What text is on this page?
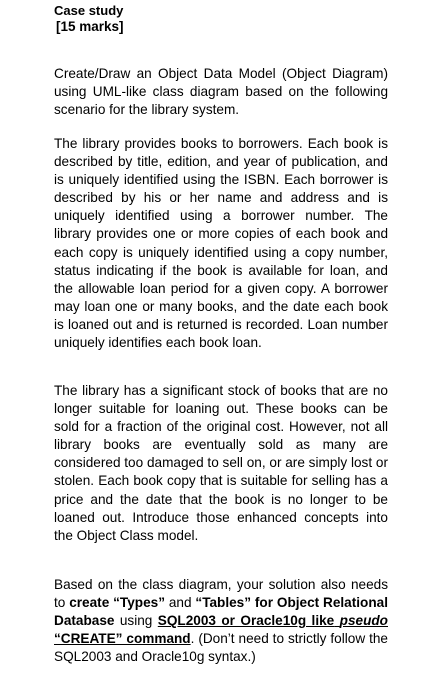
Case study

[15 marks]

Create/Draw an Object Data Model (Object Diagram) using UML-like class diagram based on the following scenario for the library system.

The library provides books to borrowers. Each book is described by title, edition, and year of publication, and is uniquely identified using the ISBN. Each borrower is described by his or her name and address and is uniquely identified using a borrower number. The library provides one or more copies of each book and each copy is uniquely identified using a copy number, status indicating if the book is available for loan, and the allowable loan period for a given copy. A borrower may loan one or many books, and the date each book is loaned out and is returned is recorded. Loan number uniquely identifies each book loan.

The library has a significant stock of books that are no longer suitable for loaning out. These books can be sold for a fraction of the original cost. However, not all library books are eventually sold as many are considered too damaged to sell on, or are simply lost or stolen. Each book copy that is suitable for selling has a price and the date that the book is no longer to be loaned out. Introduce those enhanced concepts into the Object Class model.

Based on the class diagram, your solution also needs to create “Types” and “Tables” for Object Relational Database using SQL2003 or Oracle10g like pseudo “CREATE” command. (Don’t need to strictly follow the SQL2003 and Oracle10g syntax.)
